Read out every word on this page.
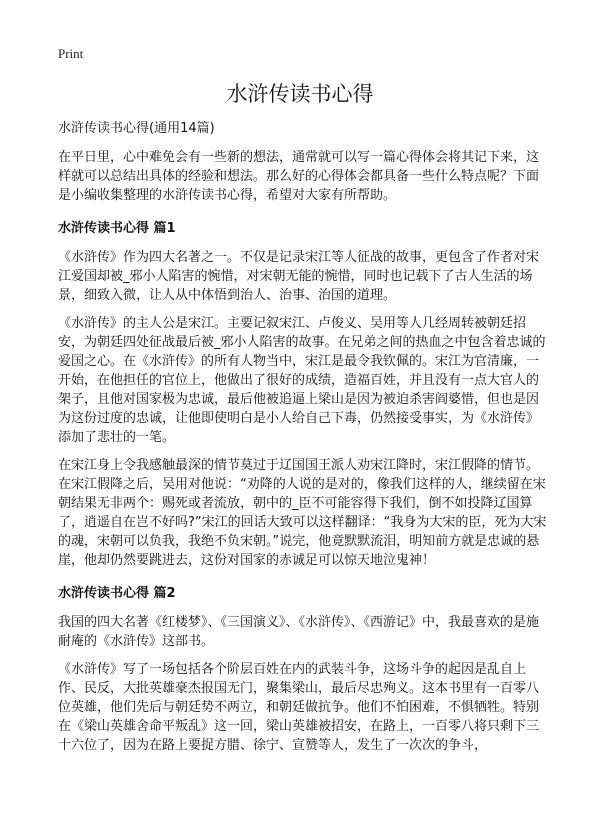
Print
水浒传读书心得

水浒传读书心得(通用14篇)

在平日里，心中难免会有一些新的想法，通常就可以写一篇心得体会将其记下来，这样就可以总结出具体的经验和想法。那么好的心得体会都具备一些什么特点呢？下面是小编收集整理的水浒传读书心得，希望对大家有所帮助。

水浒传读书心得 篇1

《水浒传》作为四大名著之一。不仅是记录宋江等人征战的故事，更包含了作者对宋江爱国却被_邪小人陷害的惋惜，对宋朝无能的惋惜，同时也记载下了古人生活的场景，细致入微，让人从中体悟到治人、治事、治国的道理。

《水浒传》的主人公是宋江。主要记叙宋江、卢俊义、吴用等人几经周转被朝廷招安，为朝廷四处征战最后被_邪小人陷害的故事。在兄弟之间的热血之中包含着忠诚的爱国之心。在《水浒传》的所有人物当中，宋江是最令我钦佩的。宋江为官清廉，一开始，在他担任的官位上，他做出了很好的成绩，造福百姓，并且没有一点大官人的架子，且他对国家极为忠诚，最后他被追逼上梁山是因为被迫杀害阎婆惜，但也是因为这份过度的忠诚，让他即使明白是小人给自己下毒，仍然接受事实，为《水浒传》添加了悲壮的一笔。

在宋江身上令我感触最深的情节莫过于辽国国王派人劝宋江降时，宋江假降的情节。在宋江假降之后，吴用对他说：“劝降的人说的是对的，像我们这样的人，继续留在宋朝结果无非两个：赐死或者流放，朝中的_臣不可能容得下我们，倒不如投降辽国算了，逍遥自在岂不好吗?”宋江的回话大致可以这样翻译：“我身为大宋的臣，死为大宋的魂，宋朝可以负我，我绝不负宋朝。”说完，他竟默默流泪，明知前方就是忠诚的悬崖，他却仍然要跳进去，这份对国家的赤诚足可以惊天地泣鬼神！

水浒传读书心得 篇2

我国的四大名著《红楼梦》、《三国演义》、《水浒传》、《西游记》中，我最喜欢的是施耐庵的《水浒传》这部书。

《水浒传》写了一场包括各个阶层百姓在内的武装斗争，这场斗争的起因是乱自上作、民反，大批英雄豪杰报国无门，聚集梁山，最后尽忠殉义。这本书里有一百零八位英雄，他们先后与朝廷势不两立，和朝廷做抗争。他们不怕困难，不惧牺牲。特别在《梁山英雄舍命平叛乱》这一回，梁山英雄被招安，在路上，一百零八将只剩下三十六位了，因为在路上要捉方腊、徐宁、宣赞等人，发生了一次次的争斗，
